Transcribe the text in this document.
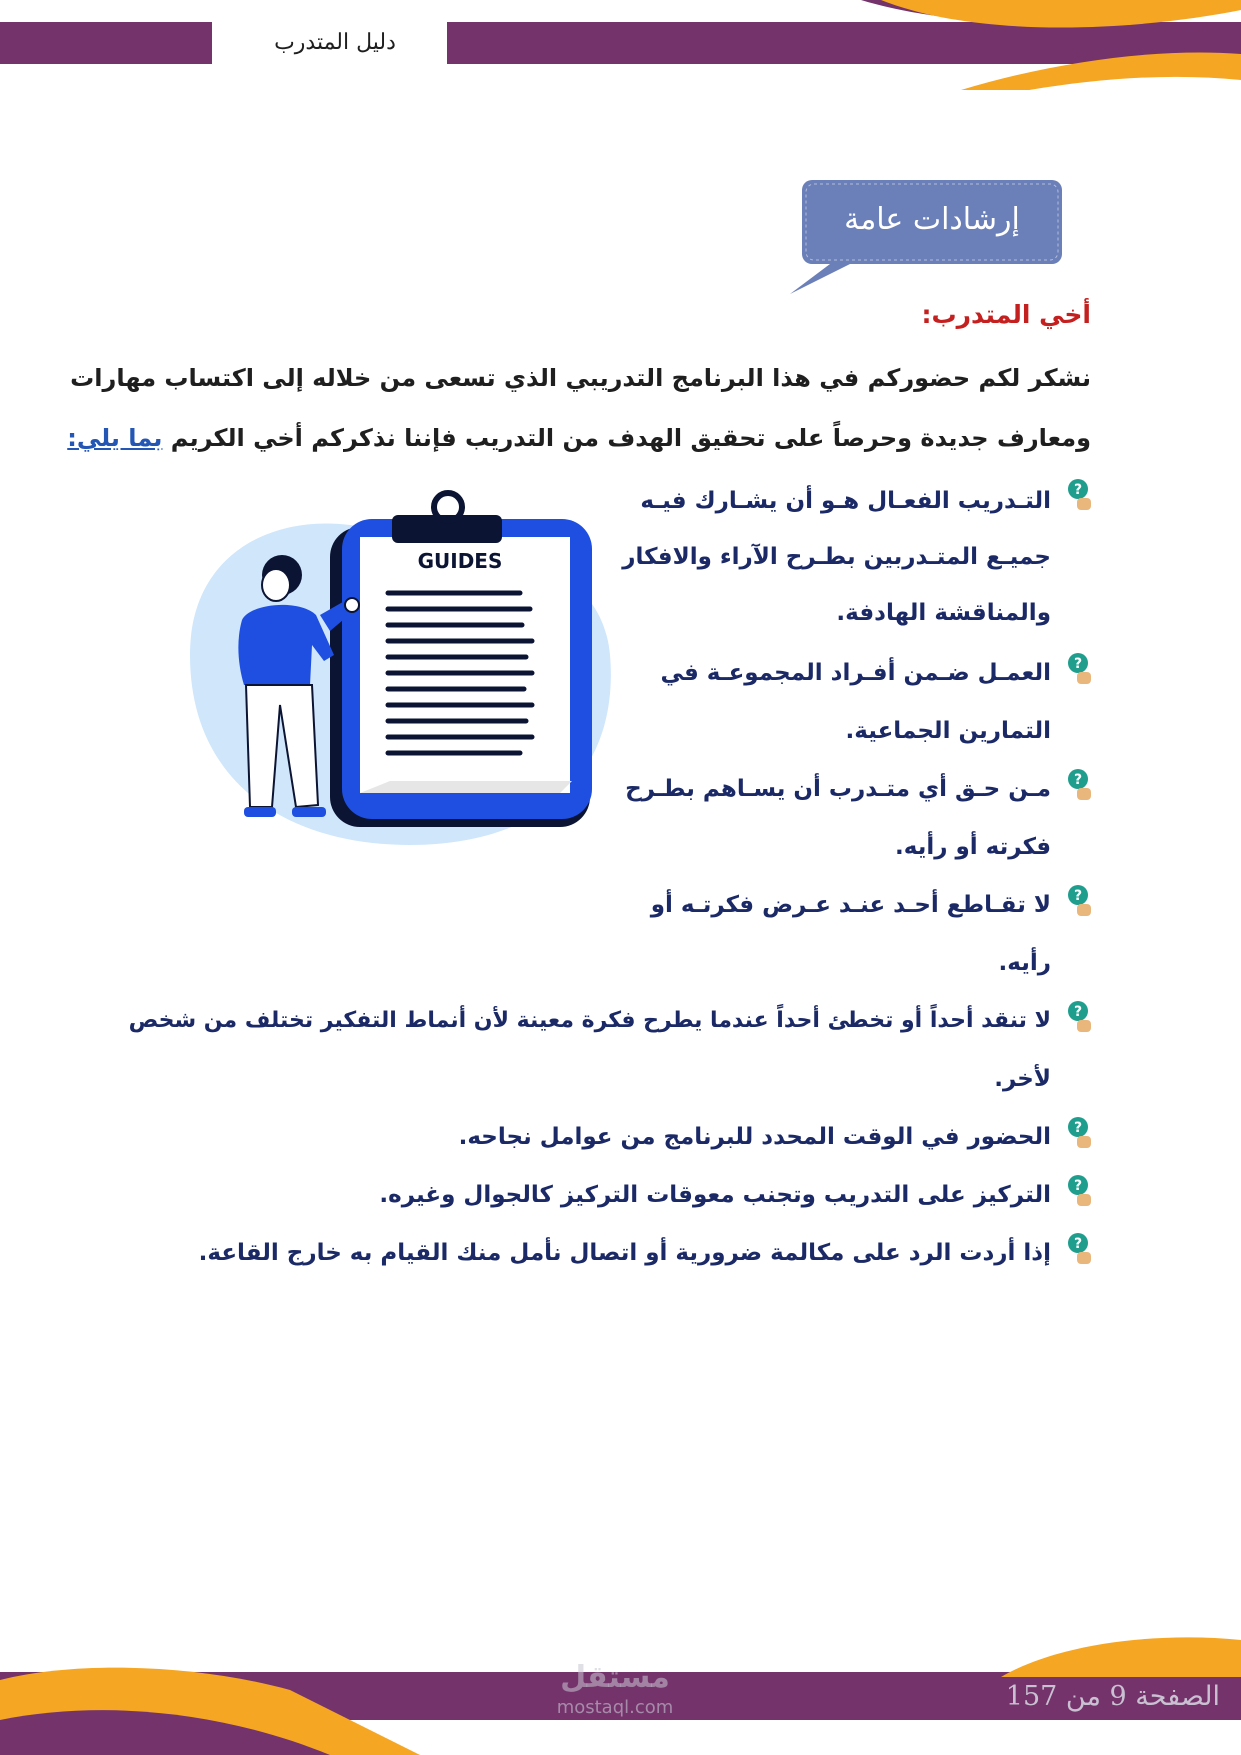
دليل المتدرب
إرشادات عامة
أخي المتدرب:
نشكر لكم حضوركم في هذا البرنامج التدريبي الذي تسعى من خلاله إلى اكتساب مهارات
ومعارف جديدة وحرصاً على تحقيق الهدف من التدريب فإننا نذكركم أخي الكريم بما يلي:
?
التـدريب الفعـال هـو أن يشـارك فيـه
جميـع المتـدربين بطـرح الآراء والافكار
والمناقشة الهادفة.
?
العمـل ضـمن أفـراد المجموعـة في
التمارين الجماعية.
?
مـن حـق أي متـدرب أن يسـاهم بطـرح
فكرته أو رأيه.
?
لا تقـاطع أحـد عنـد عـرض فكرتـه أو
رأيه.
?
لا تنقد أحداً أو تخطئ أحداً عندما يطرح فكرة معينة لأن أنماط التفكير تختلف من شخص
لأخر.
?
الحضور في الوقت المحدد للبرنامج من عوامل نجاحه.
?
التركيز على التدريب وتجنب معوقات التركيز كالجوال وغيره.
?
إذا أردت الرد على مكالمة ضرورية أو اتصال نأمل منك القيام به خارج القاعة.
GUIDES
مستقل
mostaql.com	الصفحة 9 من 157
